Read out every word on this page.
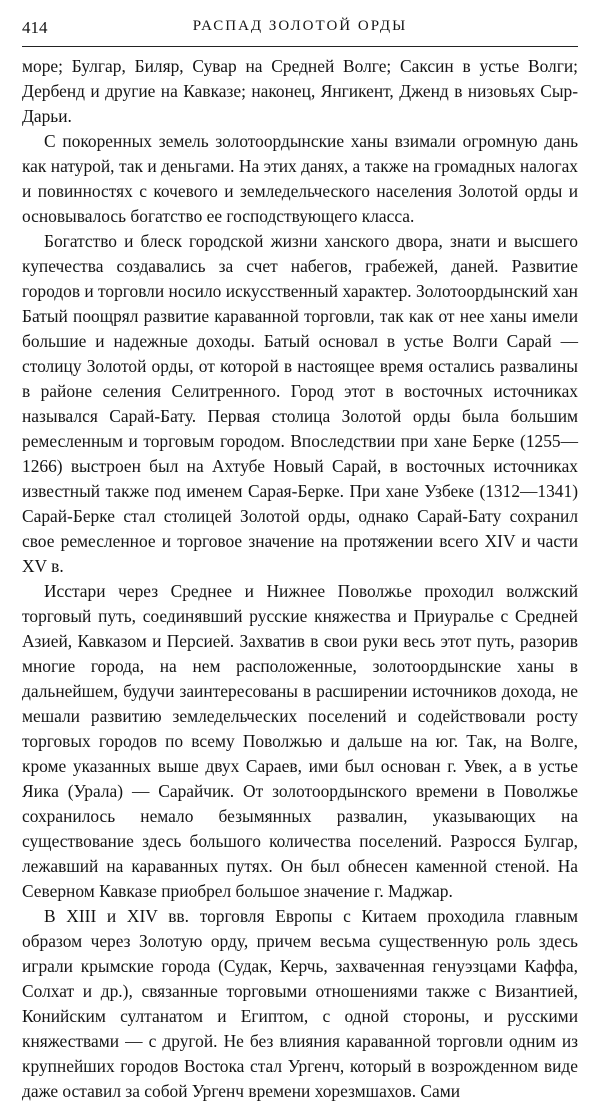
414	РАСПАД ЗОЛОТОЙ ОРДЫ

море; Булгар, Биляр, Сувар на Средней Волге; Саксин в устье Волги; Дербенд и другие на Кавказе; наконец, Янгикент, Дженд в низовьях Сыр-Дарьи.

С покоренных земель золотоордынские ханы взимали огромную дань как натурой, так и деньгами. На этих данях, а также на громадных налогах и повинностях с кочевого и земледельческого населения Золотой орды и основывалось богатство ее господствующего класса.

Богатство и блеск городской жизни ханского двора, знати и высшего купечества создавались за счет набегов, грабежей, даней. Развитие городов и торговли носило искусственный характер. Золотоордынский хан Батый поощрял развитие караванной торговли, так как от нее ханы имели большие и надежные доходы. Батый основал в устье Волги Сарай — столицу Золотой орды, от которой в настоящее время остались развалины в районе селения Селитренного. Город этот в восточных источниках назывался Сарай-Бату. Первая столица Золотой орды была большим ремесленным и торговым городом. Впоследствии при хане Берке (1255—1266) выстроен был на Ахтубе Новый Сарай, в восточных источниках известный также под именем Сарая-Берке. При хане Узбеке (1312—1341) Сарай-Берке стал столицей Золотой орды, однако Сарай-Бату сохранил свое ремесленное и торговое значение на протяжении всего XIV и части XV в.

Исстари через Среднее и Нижнее Поволжье проходил волжский торговый путь, соединявший русские княжества и Приуралье с Средней Азией, Кавказом и Персией. Захватив в свои руки весь этот путь, разорив многие города, на нем расположенные, золотоордынские ханы в дальнейшем, будучи заинтересованы в расширении источников дохода, не мешали развитию земледельческих поселений и содействовали росту торговых городов по всему Поволжью и дальше на юг. Так, на Волге, кроме указанных выше двух Сараев, ими был основан г. Увек, а в устье Яика (Урала) — Сарайчик. От золотоордынского времени в Поволжье сохранилось немало безымянных развалин, указывающих на существование здесь большого количества поселений. Разросся Булгар, лежавший на караванных путях. Он был обнесен каменной стеной. На Северном Кавказе приобрел большое значение г. Маджар.

В XIII и XIV вв. торговля Европы с Китаем проходила главным образом через Золотую орду, причем весьма существенную роль здесь играли крымские города (Судак, Керчь, захваченная генуэзцами Каффа, Солхат и др.), связанные торговыми отношениями также с Византией, Конийским султанатом и Египтом, с одной стороны, и русскими княжествами — с другой. Не без влияния караванной торговли одним из крупнейших городов Востока стал Ургенч, который в возрожденном виде даже оставил за собой Ургенч времени хорезмшахов. Сами
